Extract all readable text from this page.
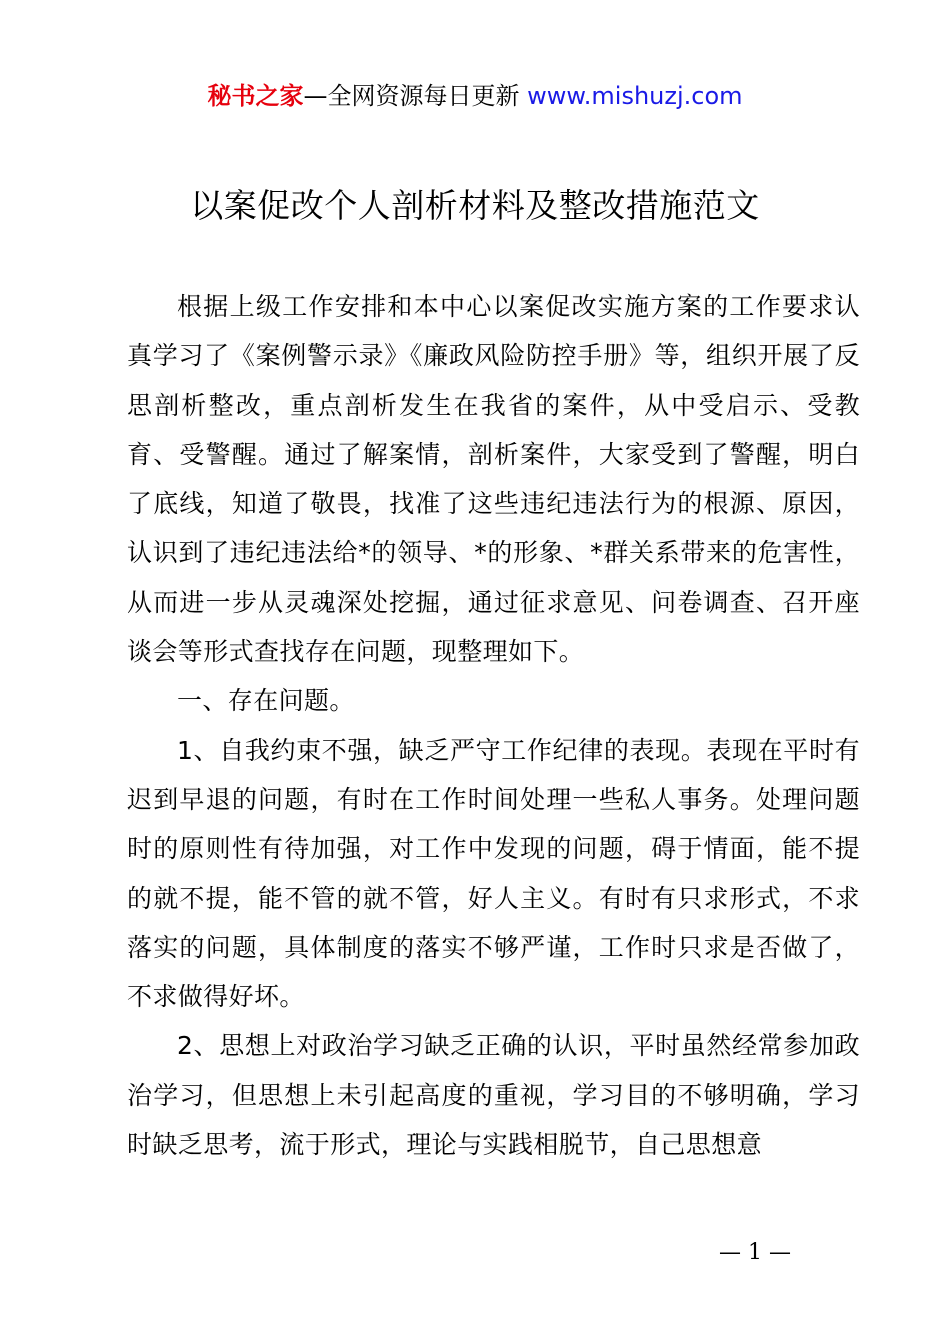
秘书之家—全网资源每日更新 www.mishuzj.com
以案促改个人剖析材料及整改措施范文

根据上级工作安排和本中心以案促改实施方案的工作要求认真学习了《案例警示录》《廉政风险防控手册》等，组织开展了反思剖析整改，重点剖析发生在我省的案件，从中受启示、受教育、受警醒。通过了解案情，剖析案件，大家受到了警醒，明白了底线，知道了敬畏，找准了这些违纪违法行为的根源、原因，认识到了违纪违法给*的领导、*的形象、*群关系带来的危害性，从而进一步从灵魂深处挖掘，通过征求意见、问卷调查、召开座谈会等形式查找存在问题，现整理如下。

一、存在问题。

1、自我约束不强，缺乏严守工作纪律的表现。表现在平时有迟到早退的问题，有时在工作时间处理一些私人事务。处理问题时的原则性有待加强，对工作中发现的问题，碍于情面，能不提的就不提，能不管的就不管，好人主义。有时有只求形式，不求落实的问题，具体制度的落实不够严谨，工作时只求是否做了，不求做得好坏。

2、思想上对政治学习缺乏正确的认识，平时虽然经常参加政治学习，但思想上未引起高度的重视，学习目的不够明确，学习时缺乏思考，流于形式，理论与实践相脱节，自己思想意

— 1 —
